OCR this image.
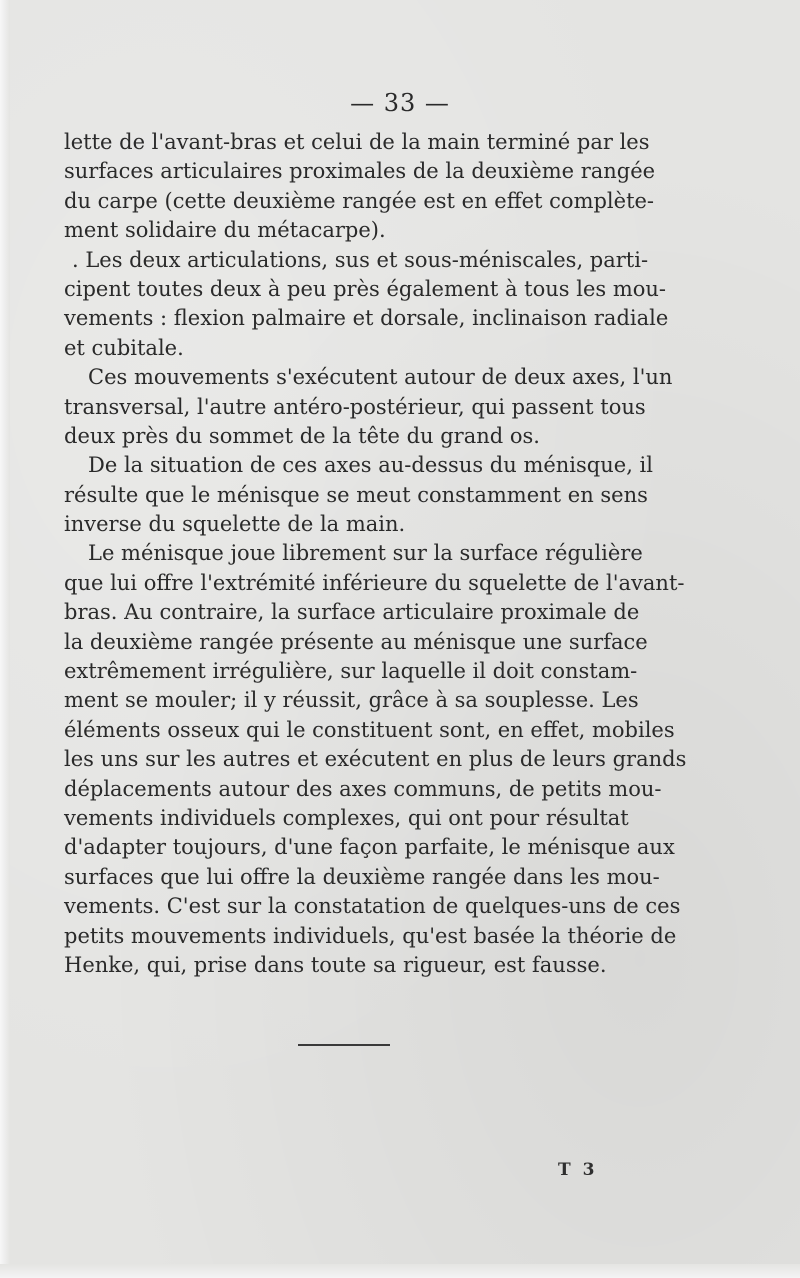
— 33 —
lette de l'avant-bras et celui de la main terminé par les
surfaces articulaires proximales de la deuxième rangée
du carpe (cette deuxième rangée est en effet complète-
ment solidaire du métacarpe).
. Les deux articulations, sus et sous-méniscales, parti-
cipent toutes deux à peu près également à tous les mou-
vements : flexion palmaire et dorsale, inclinaison radiale
et cubitale.
Ces mouvements s'exécutent autour de deux axes, l'un
transversal, l'autre antéro-postérieur, qui passent tous
deux près du sommet de la tête du grand os.
De la situation de ces axes au-dessus du ménisque, il
résulte que le ménisque se meut constamment en sens
inverse du squelette de la main.
Le ménisque joue librement sur la surface régulière
que lui offre l'extrémité inférieure du squelette de l'avant-
bras. Au contraire, la surface articulaire proximale de
la deuxième rangée présente au ménisque une surface
extrêmement irrégulière, sur laquelle il doit constam-
ment se mouler; il y réussit, grâce à sa souplesse. Les
éléments osseux qui le constituent sont, en effet, mobiles
les uns sur les autres et exécutent en plus de leurs grands
déplacements autour des axes communs, de petits mou-
vements individuels complexes, qui ont pour résultat
d'adapter toujours, d'une façon parfaite, le ménisque aux
surfaces que lui offre la deuxième rangée dans les mou-
vements. C'est sur la constatation de quelques-uns de ces
petits mouvements individuels, qu'est basée la théorie de
Henke, qui, prise dans toute sa rigueur, est fausse.
T 3
